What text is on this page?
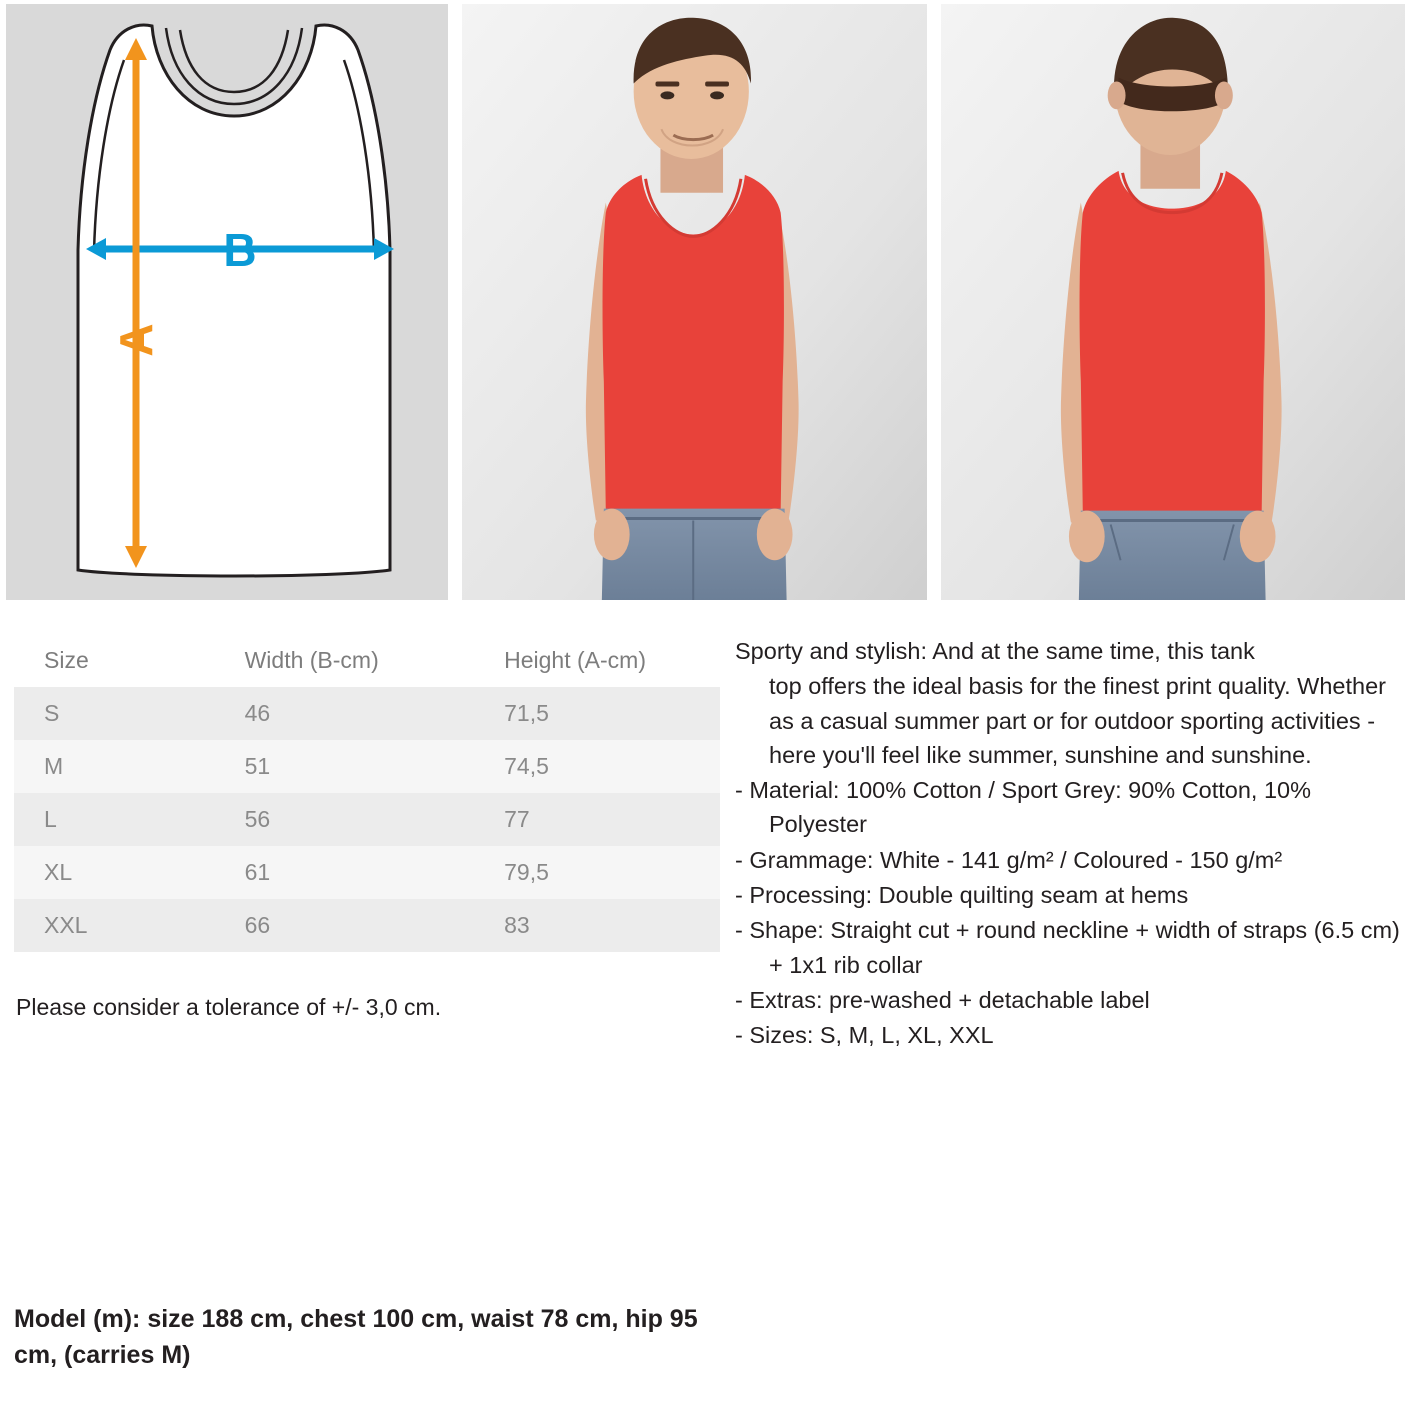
B
A
Size	Width (B-cm)	Height (A-cm)
S	46	71,5
M	51	74,5
L	56	77
XL	61	79,5
XXL	66	83
Please consider a tolerance of +/- 3,0 cm.

Sporty and stylish: And at the same time, this tank

top offers the ideal basis for the finest print quality. Whether as a casual summer part or for outdoor sporting activities - here you'll feel like summer, sunshine and sunshine.

- Material: 100% Cotton / Sport Grey: 90% Cotton, 10% Polyester

- Grammage: White - 141 g/m² / Coloured - 150 g/m²

- Processing: Double quilting seam at hems

- Shape: Straight cut + round neckline + width of straps (6.5 cm) + 1x1 rib collar

- Extras: pre-washed + detachable label

- Sizes: S, M, L, XL, XXL

Model (m): size 188 cm, chest 100 cm, waist 78 cm, hip 95 cm, (carries M)
